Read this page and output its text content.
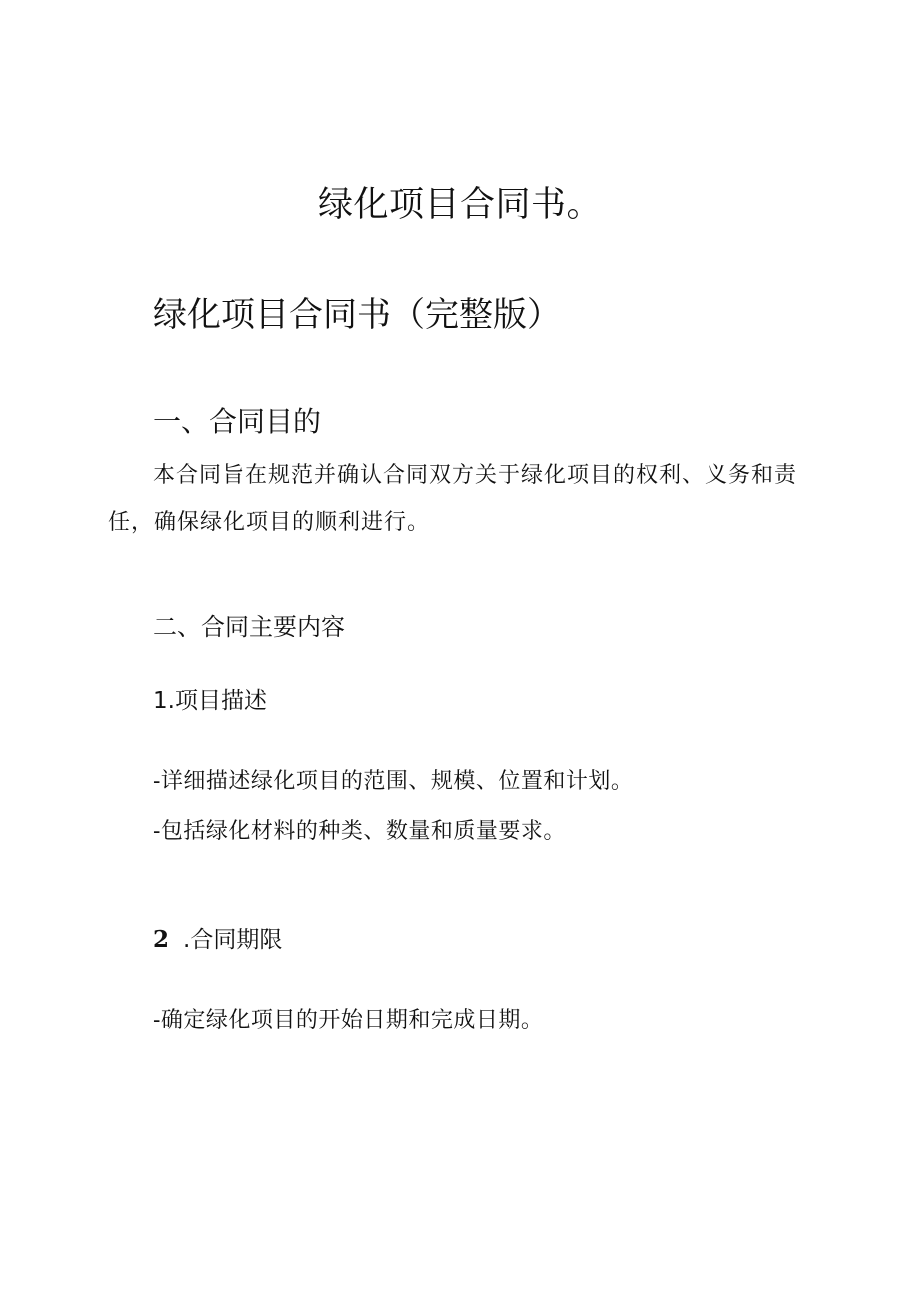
绿化项目合同书。
绿化项目合同书（完整版）
一、合同目的
本合同旨在规范并确认合同双方关于绿化项目的权利、义务和责
任，确保绿化项目的顺利进行。
二、合同主要内容
1.项目描述
-详细描述绿化项目的范围、规模、位置和计划。
-包括绿化材料的种类、数量和质量要求。
2 .合同期限
-确定绿化项目的开始日期和完成日期。
